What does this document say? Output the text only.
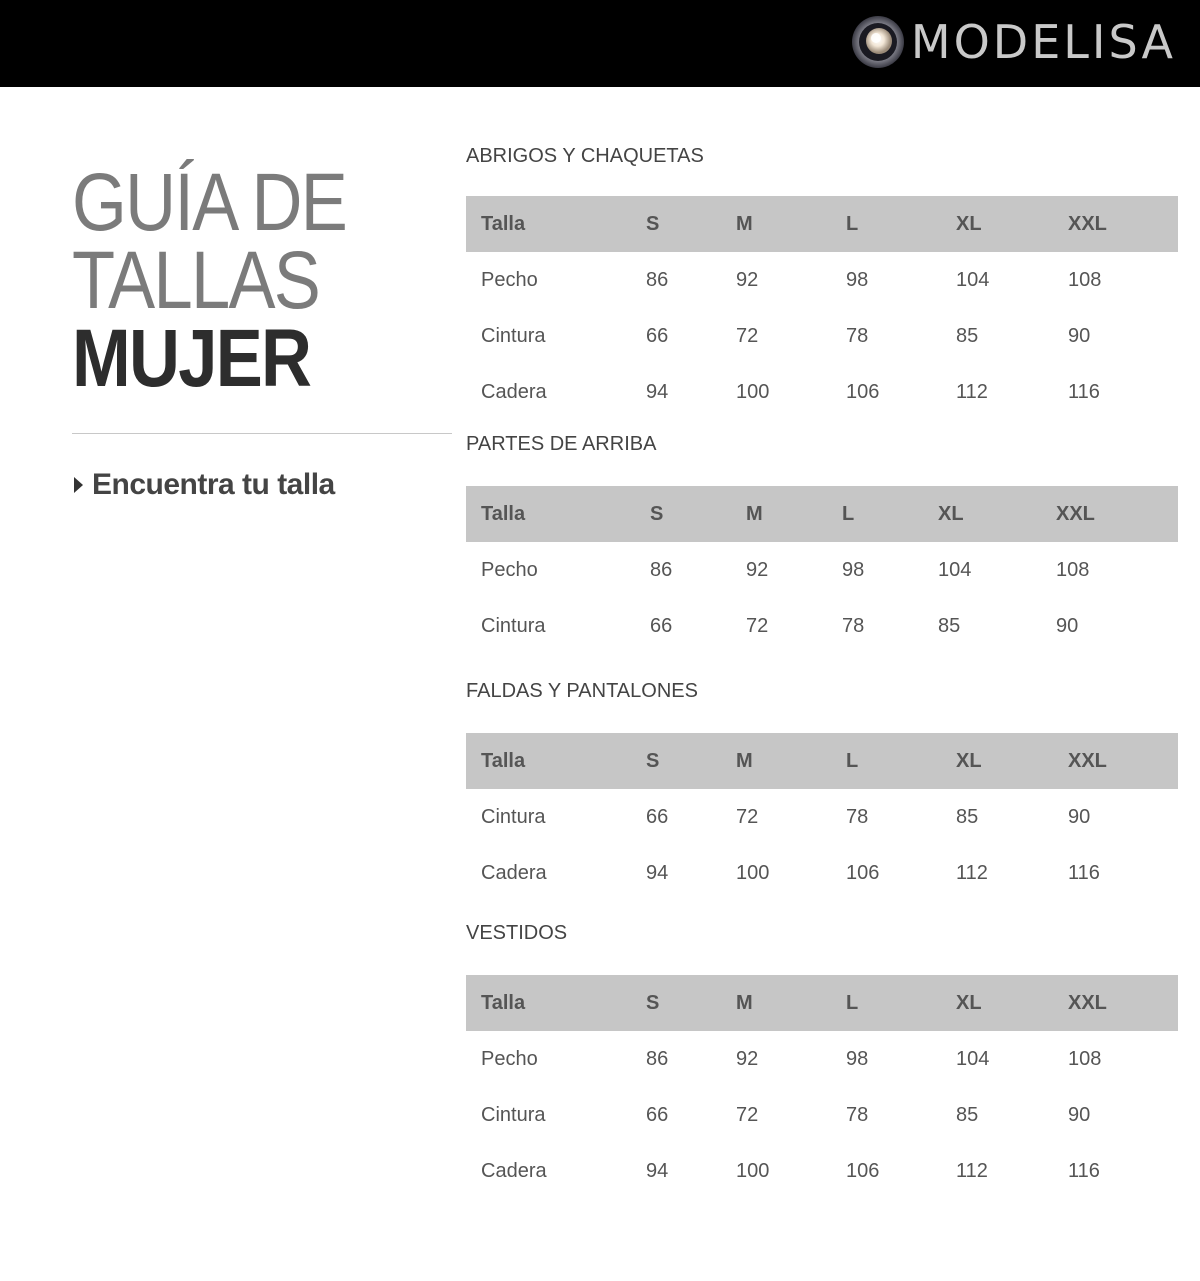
MODELISA
GUÍA DE
TALLAS
MUJER
Encuentra tu talla
ABRIGOS Y CHAQUETAS
Talla	S	M	L	XL	XXL
Pecho	86	92	98	104	108
Cintura	66	72	78	85	90
Cadera	94	100	106	112	116
PARTES DE ARRIBA
Talla	S	M	L	XL	XXL
Pecho	86	92	98	104	108
Cintura	66	72	78	85	90
FALDAS Y PANTALONES
Talla	S	M	L	XL	XXL
Cintura	66	72	78	85	90
Cadera	94	100	106	112	116
VESTIDOS
Talla	S	M	L	XL	XXL
Pecho	86	92	98	104	108
Cintura	66	72	78	85	90
Cadera	94	100	106	112	116
